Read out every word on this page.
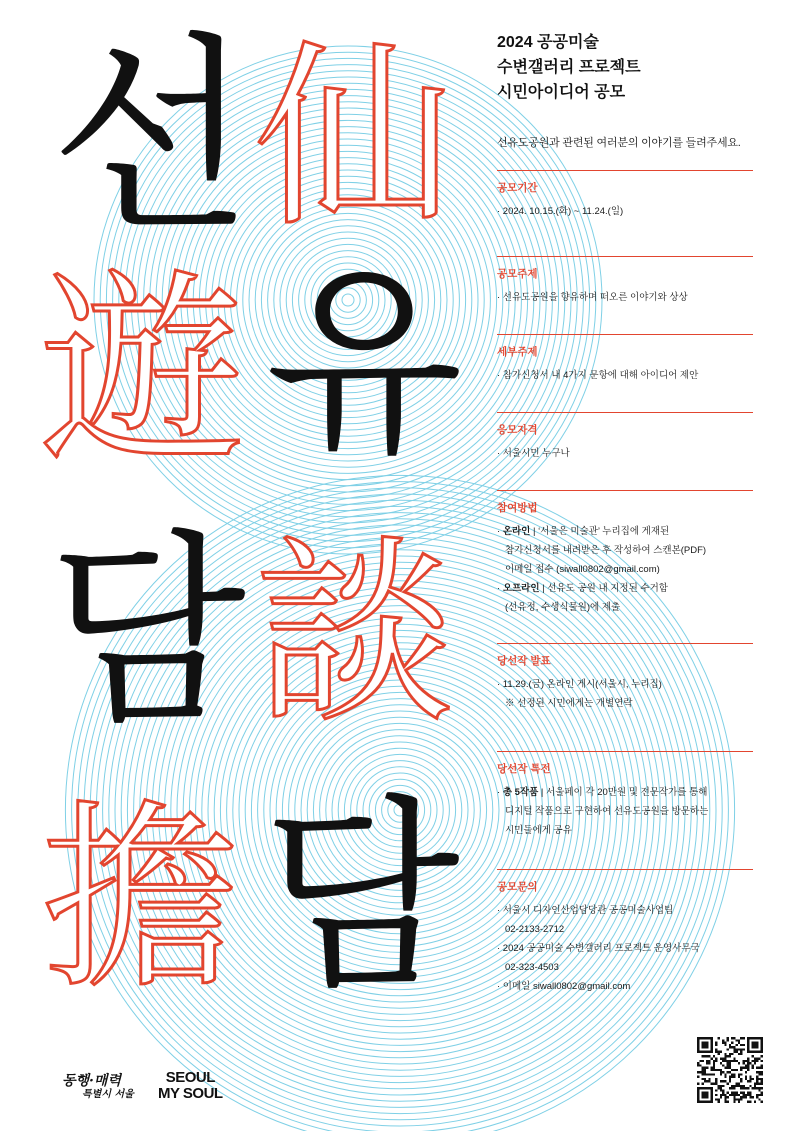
仙
遊
談
擔
선
유
담
담
2024 공공미술
수변갤러리 프로젝트
시민아이디어 공모
선유도공원과 관련된 여러분의 이야기를 들려주세요.
공모기간
· 2024. 10.15.(화) ~ 11.24.(일)
공모주제
· 선유도공원을 향유하며 떠오른 이야기와 상상
세부주제
· 참가신청서 내 4가지 문항에 대해 아이디어 제안
응모자격
· 서울시민 누구나
참여방법
· 온라인 | ‘서울은 미술관’ 누리집에 게재된
참가신청서를 내려받은 후 작성하여 스캔본(PDF)
이메일 접수 (siwall0802@gmail.com)
· 오프라인 | 선유도 공원 내 지정된 수거함
(선유정, 수생식물원)에 제출
당선작 발표
· 11.29.(금) 온라인 게시(서울시, 누리집)
※ 선정된 시민에게는 개별연락
당선작 특전
· 총 5작품 | 서울페이 각 20만원 및 전문작가를 통해
디지털 작품으로 구현하여 선유도공원을 방문하는
시민들에게 공유
공모문의
· 서울시 디자인산업담당관 공공미술사업팀
02-2133-2712
· 2024 공공미술 수변갤러리 프로젝트 운영사무국
02-323-4503
· 이메일 siwall0802@gmail.com
동행·매력
특별시 서울
SEOUL
MY SOUL
